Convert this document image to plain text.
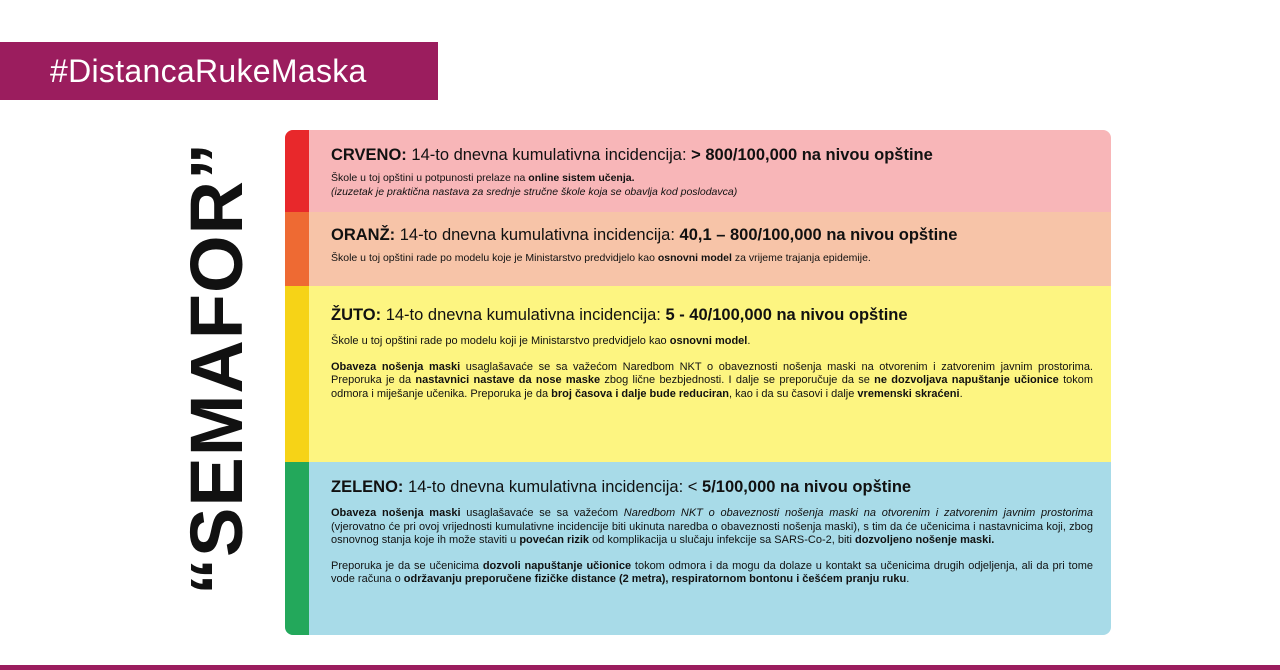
#DistancaRukeMaska
“SEMAFOR”	CRVENO: 14-to dnevna kumulativna incidencija: > 800/100,000 na nivou opštine

Škole u toj opštini u potpunosti prelaze na online sistem učenja.

(izuzetak je praktična nastava za srednje stručne škole koja se obavlja kod poslodavca)

ORANŽ: 14-to dnevna kumulativna incidencija: 40,1 – 800/100,000 na nivou opštine

Škole u toj opštini rade po modelu koje je Ministarstvo predvidjelo kao osnovni model za vrijeme trajanja epidemije.

ŽUTO: 14-to dnevna kumulativna incidencija: 5 - 40/100,000 na nivou opštine

Škole u toj opštini rade po modelu koji je Ministarstvo predvidjelo kao osnovni model.

Obaveza nošenja maski usaglašavaće se sa važećom Naredbom NKT o obaveznosti nošenja maski na otvorenim i zatvorenim javnim prostorima. Preporuka je da nastavnici nastave da nose maske zbog lične bezbjednosti. I dalje se preporučuje da se ne dozvoljava napuštanje učionice tokom odmora i miješanje učenika. Preporuka je da broj časova i dalje bude reduciran, kao i da su časovi i dalje vremenski skraćeni.

ZELENO: 14-to dnevna kumulativna incidencija: < 5/100,000 na nivou opštine

Obaveza nošenja maski usaglašavaće se sa važećom Naredbom NKT o obaveznosti nošenja maski na otvorenim i zatvorenim javnim prostorima (vjerovatno će pri ovoj vrijednosti kumulativne incidencije biti ukinuta naredba o obaveznosti nošenja maski), s tim da će učenicima i nastavnicima koji, zbog osnovnog stanja koje ih može staviti u povećan rizik od komplikacija u slučaju infekcije sa SARS-Co-2, biti dozvoljeno nošenje maski.

Preporuka je da se učenicima dozvoli napuštanje učionice tokom odmora i da mogu da dolaze u kontakt sa učenicima drugih odjeljenja, ali da pri tome vode računa o održavanju preporučene fizičke distance (2 metra), respiratornom bontonu i češćem pranju ruku.
